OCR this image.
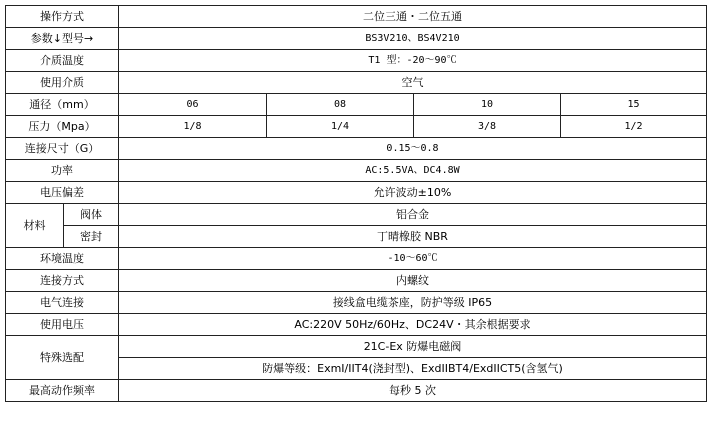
操作方式		二位三通・二位五通			
参数↓型号→		BS3V210、BS4V210			
介质温度		T1 型：-20～90℃			
使用介质		空气			
通径（mm）		06	08	10	15
压力（Mpa）		1/8	1/4	3/8	1/2
连接尺寸（G）		0.15～0.8			
功率		AC:5.5VA、DC4.8W			
电压偏差		允许波动±10%			
材料	阀体	铝合金			
	密封	丁晴橡胶 NBR			
环境温度		-10～60℃			
连接方式		内螺纹			
电气连接		接线盒电缆茶座，防护等级 IP65			
使用电压		AC:220V 50Hz/60Hz、DC24V・其余根据要求			
特殊选配		21C-Ex 防爆电磁阀			
		防爆等级：ExmI/IIT4(浇封型)、ExdIIBT4/ExdIICT5(含氢气)			
最高动作频率		每秒 5 次			
